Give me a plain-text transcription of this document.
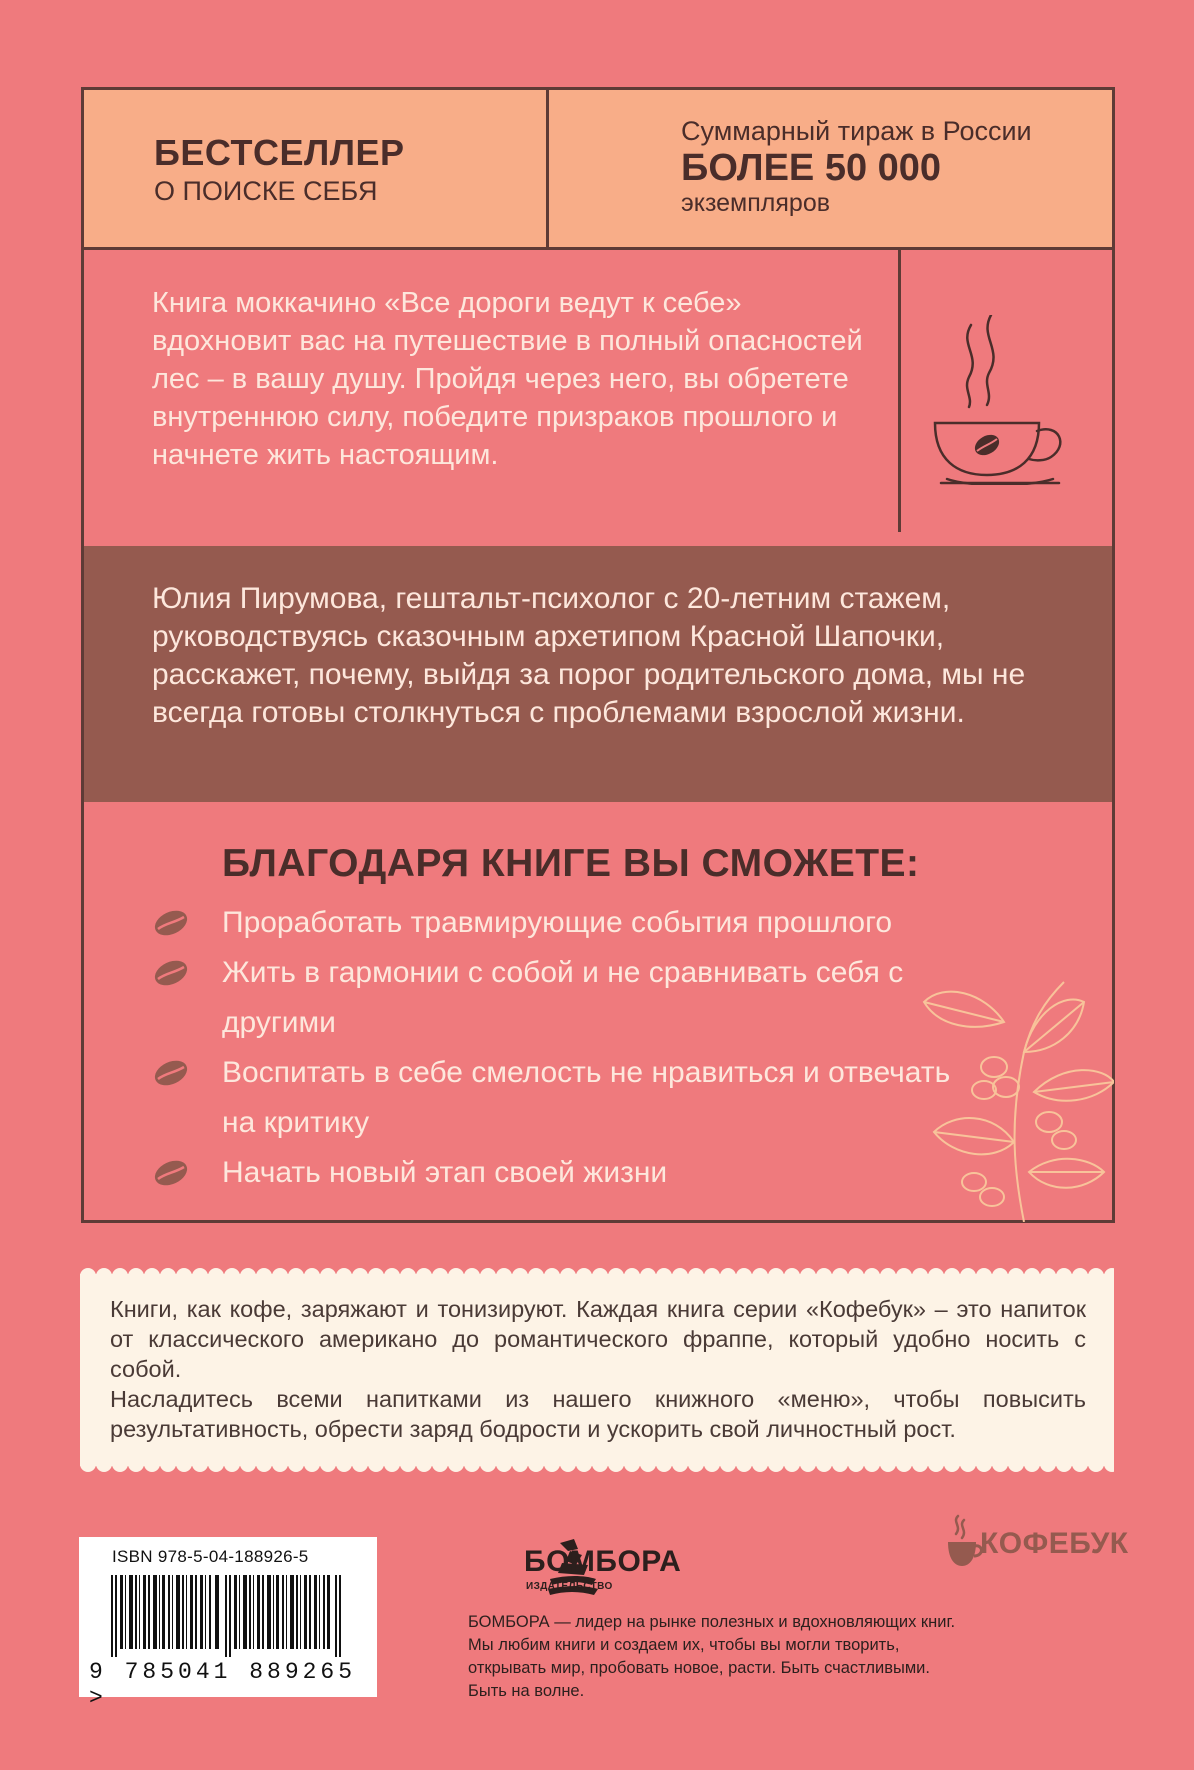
БЕСТСЕЛЛЕР
О ПОИСКЕ СЕБЯ
Суммарный тираж в России
БОЛЕЕ 50 000
экземпляров
Книга моккачино «Все дороги ведут к себе» вдохновит вас на путешествие в полный опасностей лес – в вашу душу. Пройдя через него, вы обретете внутреннюю силу, победите призраков прошлого и начнете жить настоящим.
Юлия Пирумова, гештальт-психолог с 20-летним стажем, руководствуясь сказочным архетипом Красной Шапочки, расскажет, почему, выйдя за порог родительского дома, мы не всегда готовы столкнуться с проблемами взрослой жизни.
БЛАГОДАРЯ КНИГЕ ВЫ СМОЖЕТЕ:
Проработать травмирующие события прошлого
Жить в гармонии с собой и не сравнивать себя с другими
Воспитать в себе смелость не нравиться и отвечать на критику
Начать новый этап своей жизни

Книги, как кофе, заряжают и тонизируют. Каждая книга серии «Кофебук» – это напиток от классического американо до романтического фраппе, который удобно носить с собой.

Насладитесь всеми напитками из нашего книжного «меню», чтобы повысить результативность, обрести заряд бодрости и ускорить свой личностный рост.

ISBN 978-5-04-188926-5
9 785041 889265 >
БОМБОРА
ИЗДАТЕЛЬСТВО
БОМБОРА — лидер на рынке полезных и вдохновляющих книг. Мы любим книги и создаем их, чтобы вы могли творить, открывать мир, пробовать новое, расти. Быть счастливыми. Быть на волне.
КОФЕБУК
